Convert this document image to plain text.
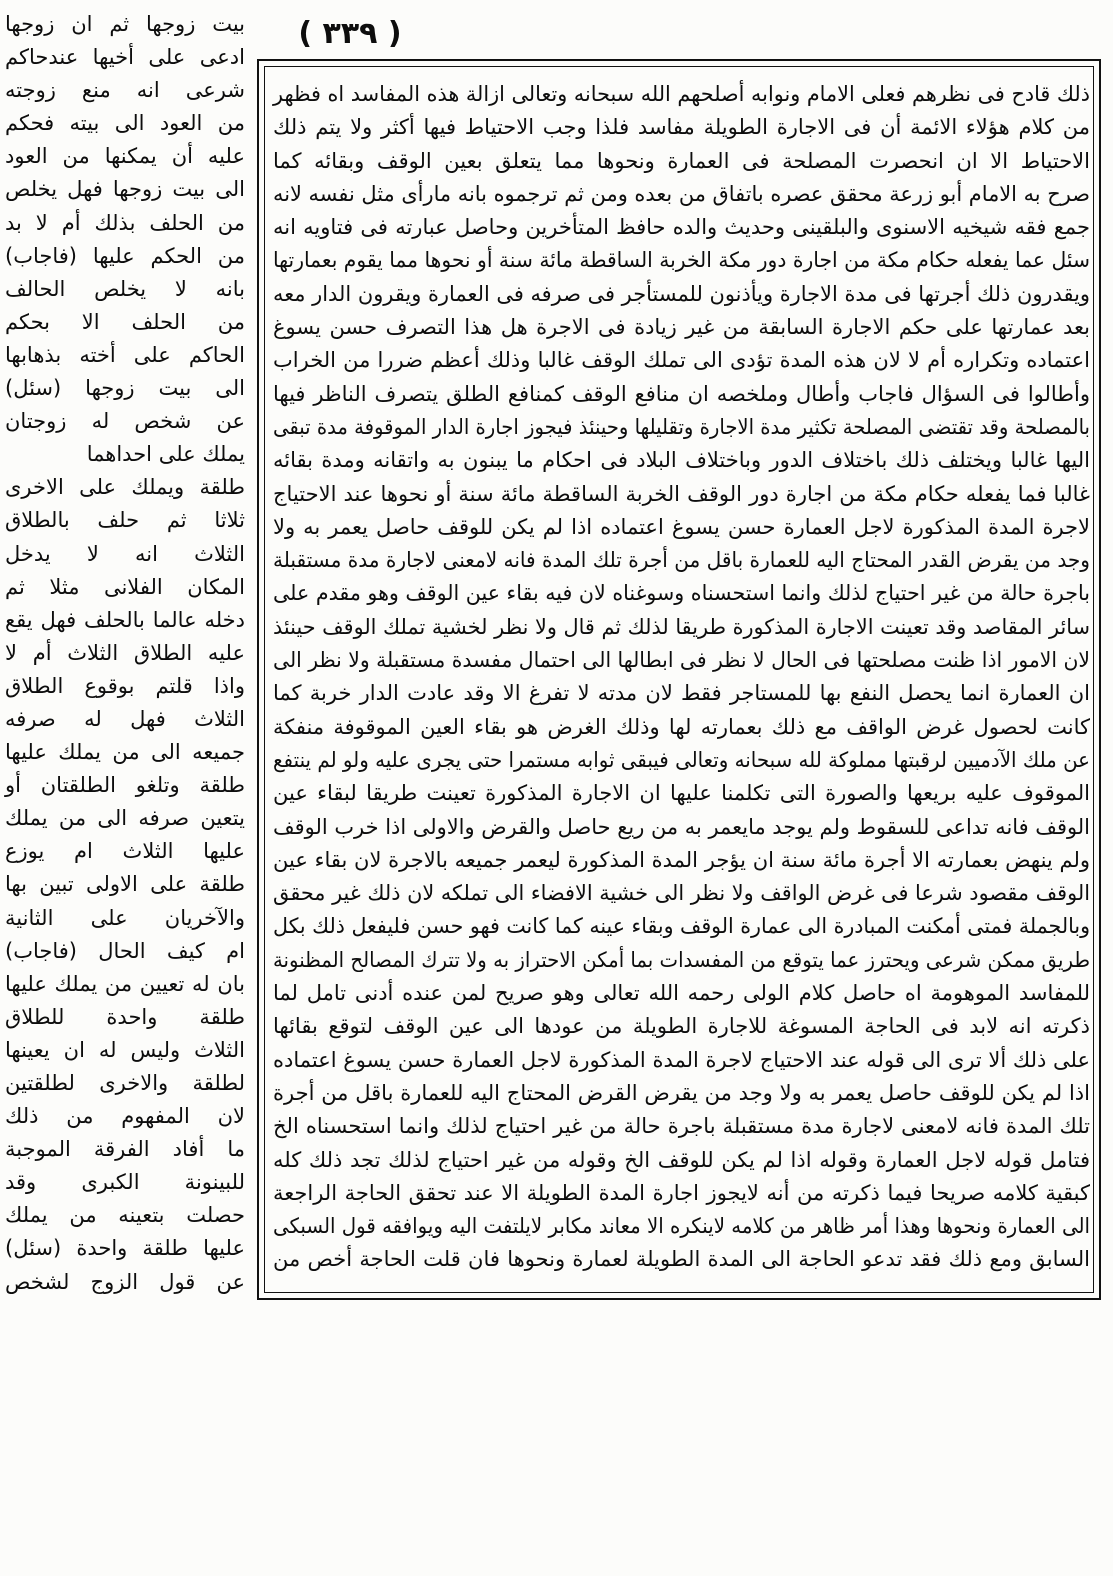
( ٣٣٩ )
ذلك قادح فى نظرهم فعلى الامام ونوابه أصلحهم الله سبحانه وتعالى ازالة هذه المفاسد اه فظهر
من كلام هؤلاء الائمة أن فى الاجارة الطويلة مفاسد فلذا وجب الاحتياط فيها أكثر ولا يتم ذلك
الاحتياط الا ان انحصرت المصلحة فى العمارة ونحوها مما يتعلق بعين الوقف وبقائه كما
صرح به الامام أبو زرعة محقق عصره باتفاق من بعده ومن ثم ترجموه بانه مارأى مثل نفسه لانه
جمع فقه شيخيه الاسنوى والبلقينى وحديث والده حافظ المتأخرين وحاصل عبارته فى فتاويه انه
سئل عما يفعله حكام مكة من اجارة دور مكة الخربة الساقطة مائة سنة أو نحوها مما يقوم بعمارتها
ويقدرون ذلك أجرتها فى مدة الاجارة ويأذنون للمستأجر فى صرفه فى العمارة ويقرون الدار معه
بعد عمارتها على حكم الاجارة السابقة من غير زيادة فى الاجرة هل هذا التصرف حسن يسوغ
اعتماده وتكراره أم لا لان هذه المدة تؤدى الى تملك الوقف غالبا وذلك أعظم ضررا من الخراب
وأطالوا فى السؤال فاجاب وأطال وملخصه ان منافع الوقف كمنافع الطلق يتصرف الناظر فيها
بالمصلحة وقد تقتضى المصلحة تكثير مدة الاجارة وتقليلها وحينئذ فيجوز اجارة الدار الموقوفة مدة تبقى
اليها غالبا ويختلف ذلك باختلاف الدور وباختلاف البلاد فى احكام ما يبنون به واتقانه ومدة بقائه
غالبا فما يفعله حكام مكة من اجارة دور الوقف الخربة الساقطة مائة سنة أو نحوها عند الاحتياج
لاجرة المدة المذكورة لاجل العمارة حسن يسوغ اعتماده اذا لم يكن للوقف حاصل يعمر به ولا
وجد من يقرض القدر المحتاج اليه للعمارة باقل من أجرة تلك المدة فانه لامعنى لاجارة مدة مستقبلة
باجرة حالة من غير احتياج لذلك وانما استحسناه وسوغناه لان فيه بقاء عين الوقف وهو مقدم على
سائر المقاصد وقد تعينت الاجارة المذكورة طريقا لذلك ثم قال ولا نظر لخشية تملك الوقف حينئذ
لان الامور اذا ظنت مصلحتها فى الحال لا نظر فى ابطالها الى احتمال مفسدة مستقبلة ولا نظر الى
ان العمارة انما يحصل النفع بها للمستاجر فقط لان مدته لا تفرغ الا وقد عادت الدار خربة كما
كانت لحصول غرض الواقف مع ذلك بعمارته لها وذلك الغرض هو بقاء العين الموقوفة منفكة
عن ملك الآدميين لرقبتها مملوكة لله سبحانه وتعالى فيبقى ثوابه مستمرا حتى يجرى عليه ولو لم ينتفع
الموقوف عليه بريعها والصورة التى تكلمنا عليها ان الاجارة المذكورة تعينت طريقا لبقاء عين
الوقف فانه تداعى للسقوط ولم يوجد مايعمر به من ريع حاصل والقرض والاولى اذا خرب الوقف
ولم ينهض بعمارته الا أجرة مائة سنة ان يؤجر المدة المذكورة ليعمر جميعه بالاجرة لان بقاء عين
الوقف مقصود شرعا فى غرض الواقف ولا نظر الى خشية الافضاء الى تملكه لان ذلك غير محقق
وبالجملة فمتى أمكنت المبادرة الى عمارة الوقف وبقاء عينه كما كانت فهو حسن فليفعل ذلك بكل
طريق ممكن شرعى ويحترز عما يتوقع من المفسدات بما أمكن الاحتراز به ولا تترك المصالح المظنونة
للمفاسد الموهومة اه حاصل كلام الولى رحمه الله تعالى وهو صريح لمن عنده أدنى تامل لما
ذكرته انه لابد فى الحاجة المسوغة للاجارة الطويلة من عودها الى عين الوقف لتوقع بقائها
على ذلك ألا ترى الى قوله عند الاحتياج لاجرة المدة المذكورة لاجل العمارة حسن يسوغ اعتماده
اذا لم يكن للوقف حاصل يعمر به ولا وجد من يقرض القرض المحتاج اليه للعمارة باقل من أجرة
تلك المدة فانه لامعنى لاجارة مدة مستقبلة باجرة حالة من غير احتياج لذلك وانما استحسناه الخ
فتامل قوله لاجل العمارة وقوله اذا لم يكن للوقف الخ وقوله من غير احتياج لذلك تجد ذلك كله
كبقية كلامه صريحا فيما ذكرته من أنه لايجوز اجارة المدة الطويلة الا عند تحقق الحاجة الراجعة
الى العمارة ونحوها وهذا أمر ظاهر من كلامه لاينكره الا معاند مكابر لايلتفت اليه ويوافقه قول السبكى
السابق ومع ذلك فقد تدعو الحاجة الى المدة الطويلة لعمارة ونحوها فان قلت الحاجة أخص من
بيت زوجها ثم ان زوجها
ادعى على أخيها عندحاكم
شرعى انه منع زوجته
من العود الى بيته فحكم
عليه أن يمكنها من العود
الى بيت زوجها فهل يخلص
من الحلف بذلك أم لا بد
من الحكم عليها (فاجاب)
بانه لا يخلص الحالف
من الحلف الا بحكم
الحاكم على أخته بذهابها
الى بيت زوجها (سئل)
عن شخص له زوجتان
يملك على احداهما
طلقة ويملك على الاخرى
ثلاثا ثم حلف بالطلاق
الثلاث انه لا يدخل
المكان الفلانى مثلا ثم
دخله عالما بالحلف فهل يقع
عليه الطلاق الثلاث أم لا
واذا قلتم بوقوع الطلاق
الثلاث فهل له صرفه
جميعه الى من يملك عليها
طلقة وتلغو الطلقتان أو
يتعين صرفه الى من يملك
عليها الثلاث ام يوزع
طلقة على الاولى تبين بها
والآخريان على الثانية
ام كيف الحال (فاجاب)
بان له تعيين من يملك عليها
طلقة واحدة للطلاق
الثلاث وليس له ان يعينها
لطلقة والاخرى لطلقتين
لان المفهوم من ذلك
ما أفاد الفرقة الموجبة
للبينونة الكبرى وقد
حصلت بتعينه من يملك
عليها طلقة واحدة (سئل)
عن قول الزوج لشخص
